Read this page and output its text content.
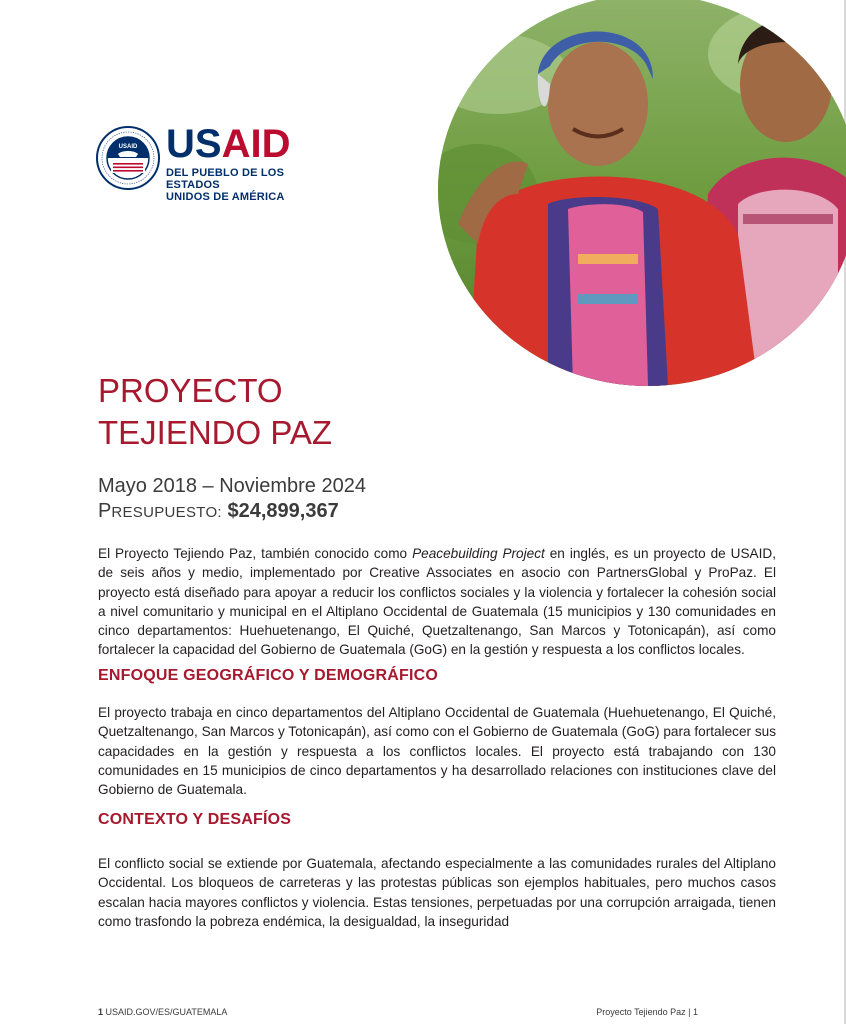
USAID USAID
DEL PUEBLO DE LOS ESTADOS
UNIDOS DE AMÉRICA
PROYECTO
TEJIENDO PAZ
Mayo 2018 – Noviembre 2024
PRESUPUESTO: $24,899,367

El Proyecto Tejiendo Paz, también conocido como Peacebuilding Project en inglés, es un proyecto de USAID, de seis años y medio, implementado por Creative Associates en asocio con PartnersGlobal y ProPaz. El proyecto está diseñado para apoyar a reducir los conflictos sociales y la violencia y fortalecer la cohesión social a nivel comunitario y municipal en el Altiplano Occidental de Guatemala (15 municipios y 130 comunidades en cinco departamentos: Huehuetenango, El Quiché, Quetzaltenango, San Marcos y Totonicapán), así como fortalecer la capacidad del Gobierno de Guatemala (GoG) en la gestión y respuesta a los conflictos locales.

ENFOQUE GEOGRÁFICO Y DEMOGRÁFICO

El proyecto trabaja en cinco departamentos del Altiplano Occidental de Guatemala (Huehuetenango, El Quiché, Quetzaltenango, San Marcos y Totonicapán), así como con el Gobierno de Guatemala (GoG) para fortalecer sus capacidades en la gestión y respuesta a los conflictos locales. El proyecto está trabajando con 130 comunidades en 15 municipios de cinco departamentos y ha desarrollado relaciones con instituciones clave del Gobierno de Guatemala.

CONTEXTO Y DESAFÍOS

El conflicto social se extiende por Guatemala, afectando especialmente a las comunidades rurales del Altiplano Occidental. Los bloqueos de carreteras y las protestas públicas son ejemplos habituales, pero muchos casos escalan hacia mayores conflictos y violencia. Estas tensiones, perpetuadas por una corrupción arraigada, tienen como trasfondo la pobreza endémica, la desigualdad, la inseguridad

1 USAID.GOV/ES/GUATEMALA	Proyecto Tejiendo Paz | 1
